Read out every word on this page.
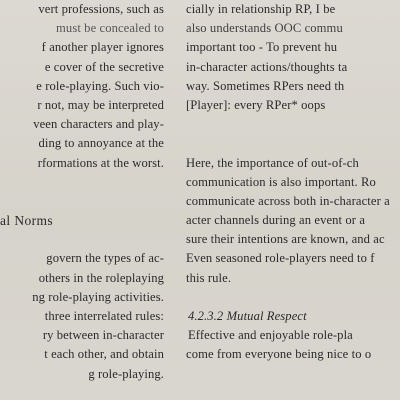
vert professions, such as
must be concealed to
f another player ignores
e cover of the secretive
e role-playing. Such vio-
r not, may be interpreted
veen characters and play-
ding to annoyance at the
rformations at the worst.
al Norms
govern the types of ac-
others in the roleplaying
ng role-playing activities.
three interrelated rules:
ry between in-character
t each other, and obtain
g role-playing.
cially in relationship RP, I be
also understands OOC commu
important too - To prevent hu
in-character actions/thoughts ta
way. Sometimes RPers need th
[Player]: every RPer* oops
Here, the importance of out-of-ch
communication is also important. Ro
communicate across both in-character a
acter channels during an event or a
sure their intentions are known, and ac
Even seasoned role-players need to f
this rule.
4.2.3.2 Mutual Respect
Effective and enjoyable role-pla
come from everyone being nice to o
